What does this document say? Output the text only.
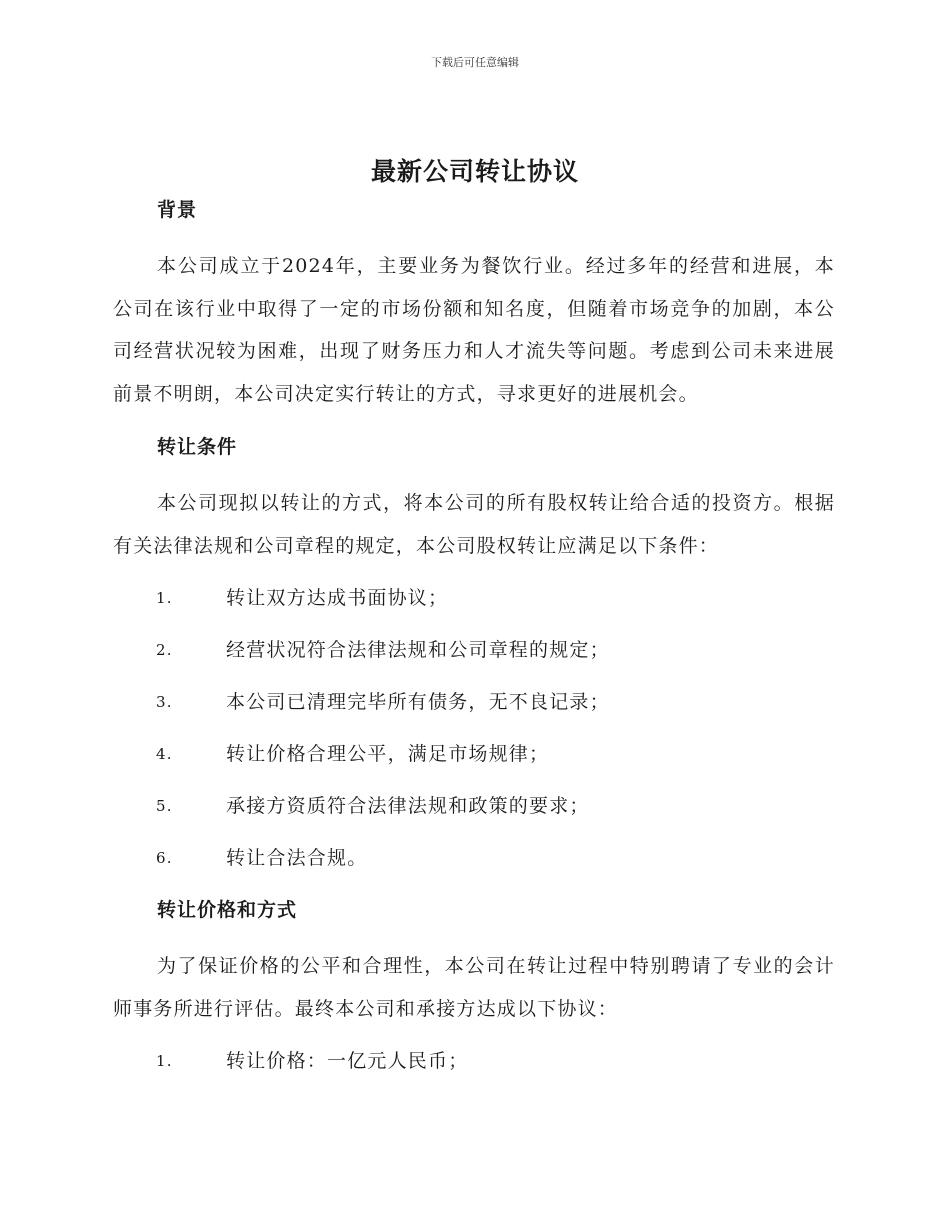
下载后可任意编辑
最新公司转让协议
背景

本公司成立于2024年，主要业务为餐饮行业。经过多年的经营和进展，本公司在该行业中取得了一定的市场份额和知名度，但随着市场竞争的加剧，本公司经营状况较为困难，出现了财务压力和人才流失等问题。考虑到公司未来进展前景不明朗，本公司决定实行转让的方式，寻求更好的进展机会。

转让条件

本公司现拟以转让的方式，将本公司的所有股权转让给合适的投资方。根据有关法律法规和公司章程的规定，本公司股权转让应满足以下条件：

1.	转让双方达成书面协议；
2.	经营状况符合法律法规和公司章程的规定；
3.	本公司已清理完毕所有债务，无不良记录；
4.	转让价格合理公平，满足市场规律；
5.	承接方资质符合法律法规和政策的要求；
6.	转让合法合规。
转让价格和方式

为了保证价格的公平和合理性，本公司在转让过程中特别聘请了专业的会计师事务所进行评估。最终本公司和承接方达成以下协议：

1.	转让价格：一亿元人民币；
